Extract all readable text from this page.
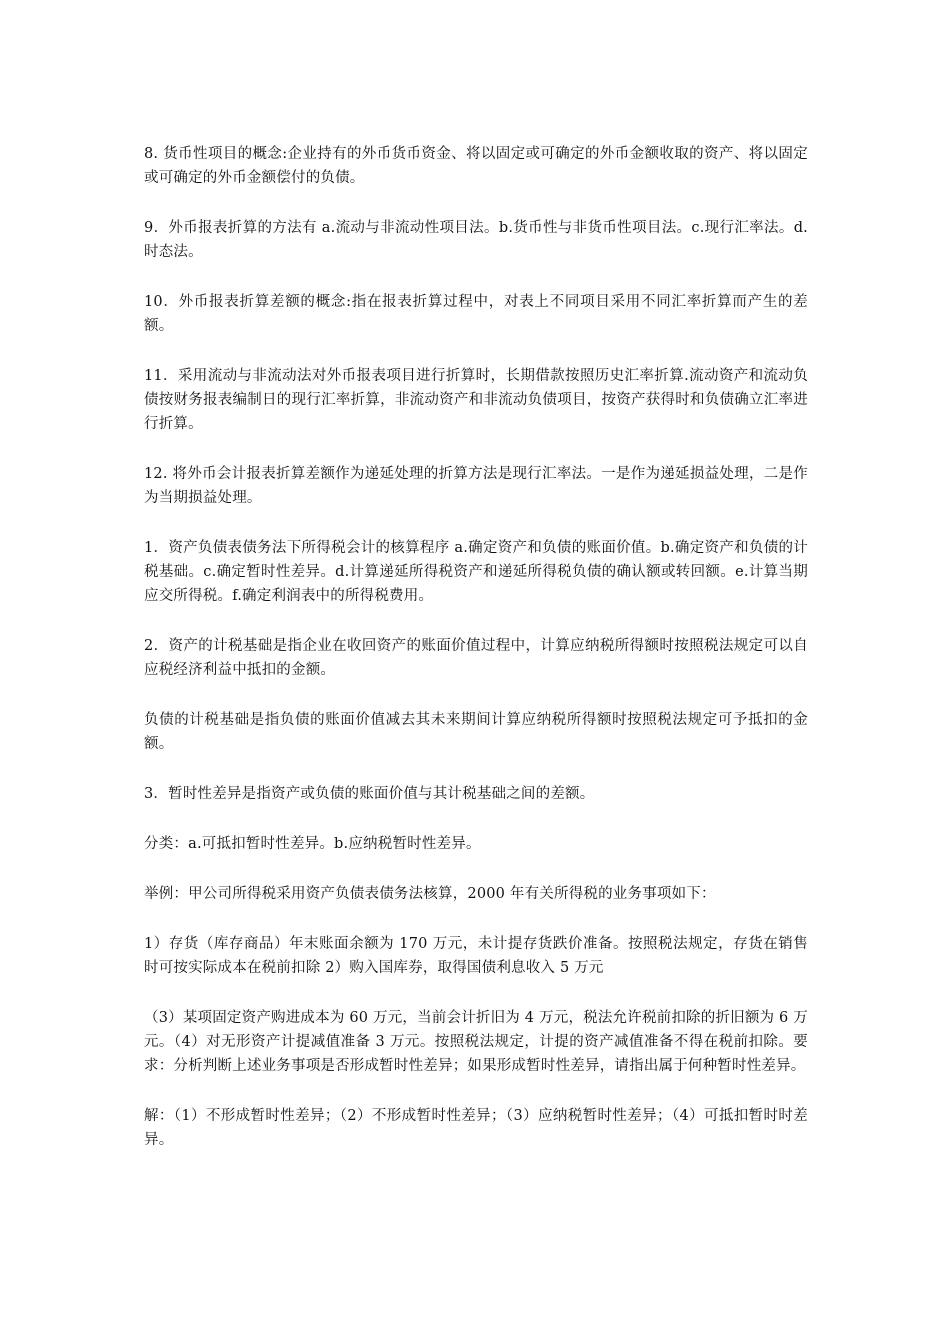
8. 货币性项目的概念:企业持有的外币货币资金、将以固定或可确定的外币金额收取的资产、将以固定或可确定的外币金额偿付的负债。

9．外币报表折算的方法有 a.流动与非流动性项目法。b.货币性与非货币性项目法。c.现行汇率法。d.时态法。

10．外币报表折算差额的概念:指在报表折算过程中，对表上不同项目采用不同汇率折算而产生的差额。

11．采用流动与非流动法对外币报表项目进行折算时，长期借款按照历史汇率折算.流动资产和流动负债按财务报表编制日的现行汇率折算，非流动资产和非流动负债项目，按资产获得时和负债确立汇率进行折算。

12. 将外币会计报表折算差额作为递延处理的折算方法是现行汇率法。一是作为递延损益处理，二是作为当期损益处理。

1．资产负债表债务法下所得税会计的核算程序 a.确定资产和负债的账面价值。b.确定资产和负债的计税基础。c.确定暂时性差异。d.计算递延所得税资产和递延所得税负债的确认额或转回额。e.计算当期应交所得税。f.确定利润表中的所得税费用。

2．资产的计税基础是指企业在收回资产的账面价值过程中，计算应纳税所得额时按照税法规定可以自应税经济利益中抵扣的金额。

负债的计税基础是指负债的账面价值减去其未来期间计算应纳税所得额时按照税法规定可予抵扣的金额。

3．暂时性差异是指资产或负债的账面价值与其计税基础之间的差额。

分类：a.可抵扣暂时性差异。b.应纳税暂时性差异。

举例：甲公司所得税采用资产负债表债务法核算，2000 年有关所得税的业务事项如下：

1）存货（库存商品）年末账面余额为 170 万元，未计提存货跌价准备。按照税法规定，存货在销售时可按实际成本在税前扣除 2）购入国库券，取得国债利息收入 5 万元

（3）某项固定资产购进成本为 60 万元，当前会计折旧为 4 万元，税法允许税前扣除的折旧额为 6 万元。（4）对无形资产计提减值准备 3 万元。按照税法规定，计提的资产减值准备不得在税前扣除。要求：分析判断上述业务事项是否形成暂时性差异；如果形成暂时性差异，请指出属于何种暂时性差异。

解：（1）不形成暂时性差异；（2）不形成暂时性差异；（3）应纳税暂时性差异；（4）可抵扣暂时时差异。
